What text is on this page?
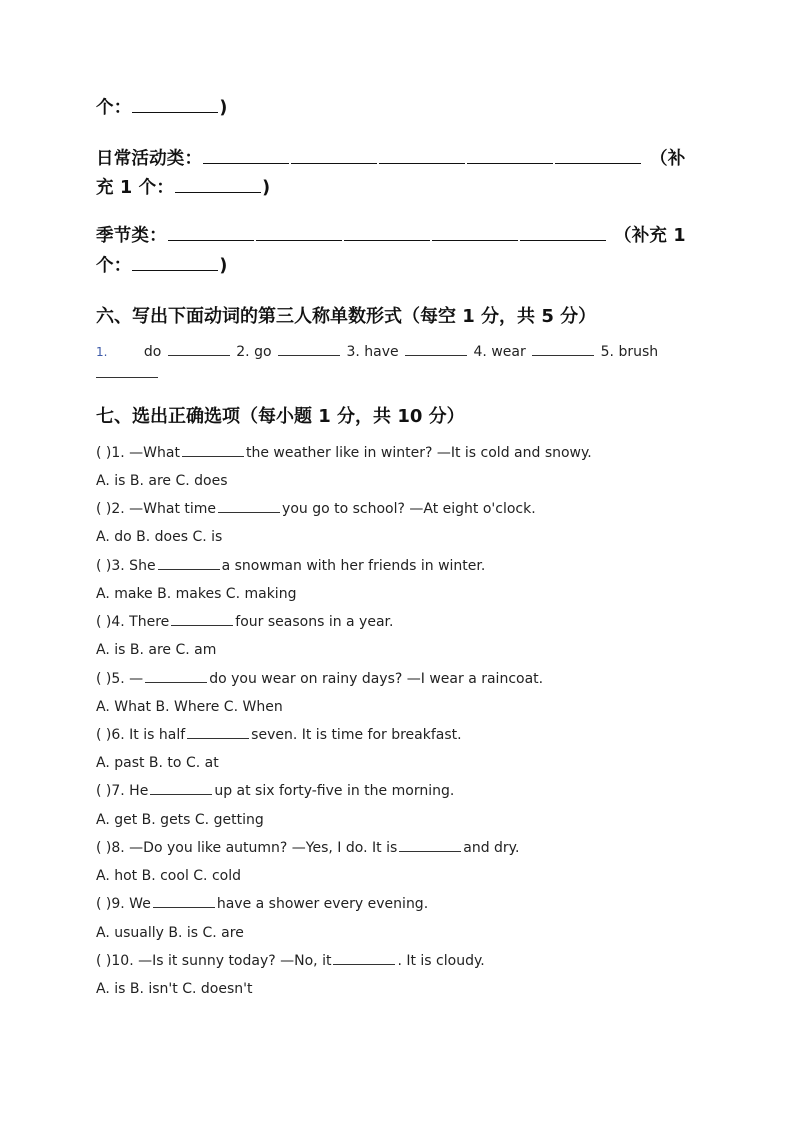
个：	)
日常活动类：	（补
充 1 个：	)
季节类：	（补充 1
个：	)
六、写出下面动词的第三人称单数形式（每空 1 分，共 5 分）
1.	do	2. go	3. have	4. wear	5. brush
七、选出正确选项（每小题 1 分，共 10 分）
( )1. —What	the weather like in winter? —It is cold and snowy.
A. is B. are C. does
( )2. —What time	you go to school? —At eight o'clock.
A. do B. does C. is
( )3. She	a snowman with her friends in winter.
A. make B. makes C. making
( )4. There	four seasons in a year.
A. is B. are C. am
( )5. —	do you wear on rainy days? —I wear a raincoat.
A. What B. Where C. When
( )6. It is half	seven. It is time for breakfast.
A. past B. to C. at
( )7. He	up at six forty-five in the morning.
A. get B. gets C. getting
( )8. —Do you like autumn? —Yes, I do. It is	and dry.
A. hot B. cool C. cold
( )9. We	have a shower every evening.
A. usually B. is C. are
( )10. —Is it sunny today? —No, it	. It is cloudy.
A. is B. isn't C. doesn't
